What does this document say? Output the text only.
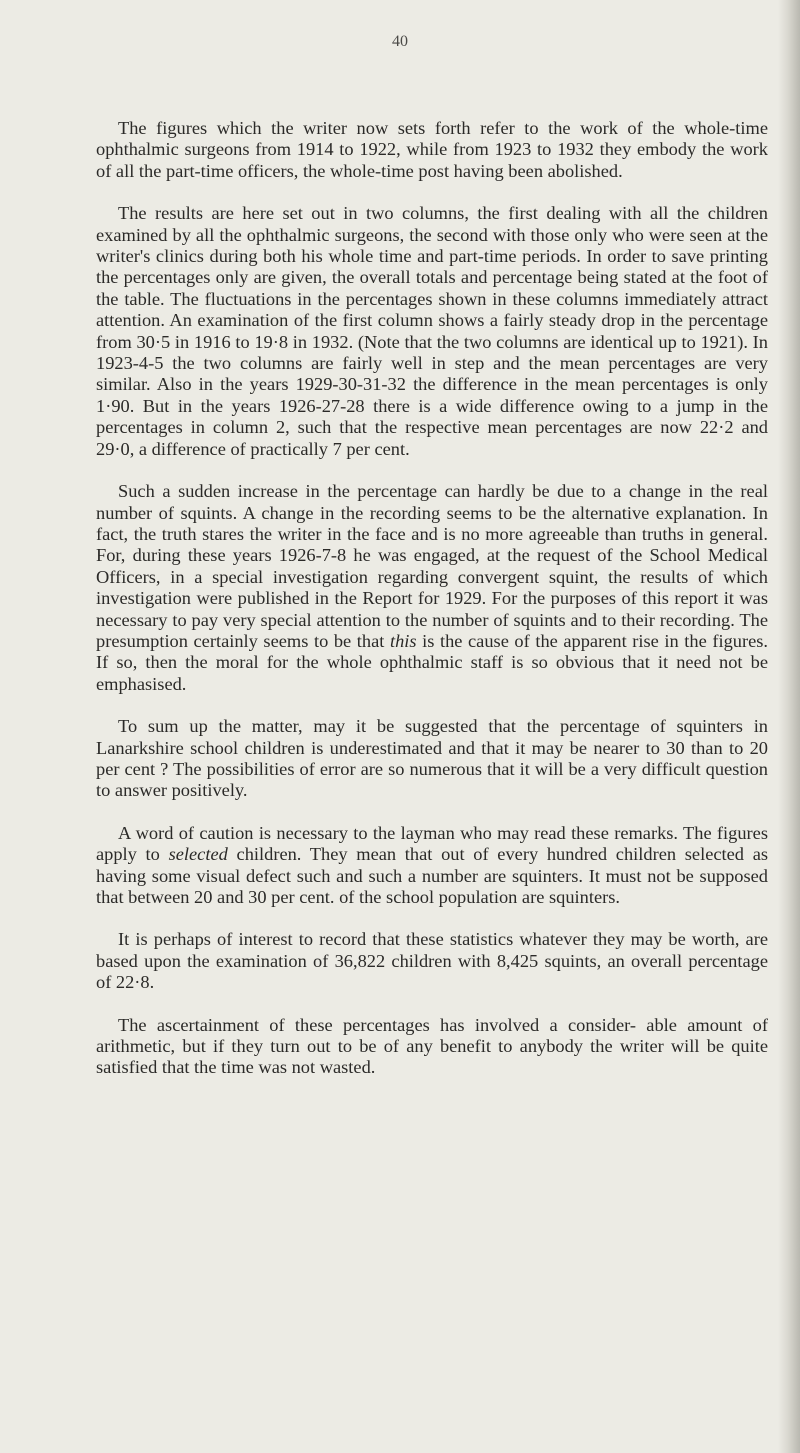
40

The figures which the writer now sets forth refer to the work of the whole-time ophthalmic surgeons from 1914 to 1922, while from 1923 to 1932 they embody the work of all the part-time officers, the whole-time post having been abolished.

The results are here set out in two columns, the first dealing with all the children examined by all the ophthalmic surgeons, the second with those only who were seen at the writer's clinics during both his whole time and part-time periods. In order to save printing the percentages only are given, the overall totals and percentage being stated at the foot of the table. The fluctuations in the percentages shown in these columns immediately attract attention. An examination of the first column shows a fairly steady drop in the percentage from 30·5 in 1916 to 19·8 in 1932. (Note that the two columns are identical up to 1921). In 1923-4-5 the two columns are fairly well in step and the mean percentages are very similar. Also in the years 1929-30-31-32 the difference in the mean percentages is only 1·90. But in the years 1926-27-28 there is a wide difference owing to a jump in the percentages in column 2, such that the respective mean percentages are now 22·2 and 29·0, a difference of practically 7 per cent.

Such a sudden increase in the percentage can hardly be due to a change in the real number of squints. A change in the recording seems to be the alternative explanation. In fact, the truth stares the writer in the face and is no more agreeable than truths in general. For, during these years 1926-7-8 he was engaged, at the request of the School Medical Officers, in a special investigation regarding convergent squint, the results of which investigation were published in the Report for 1929. For the purposes of this report it was necessary to pay very special attention to the number of squints and to their recording. The presumption certainly seems to be that this is the cause of the apparent rise in the figures. If so, then the moral for the whole ophthalmic staff is so obvious that it need not be emphasised.

To sum up the matter, may it be suggested that the percentage of squinters in Lanarkshire school children is underestimated and that it may be nearer to 30 than to 20 per cent ? The possibilities of error are so numerous that it will be a very difficult question to answer positively.

A word of caution is necessary to the layman who may read these remarks. The figures apply to selected children. They mean that out of every hundred children selected as having some visual defect such and such a number are squinters. It must not be supposed that between 20 and 30 per cent. of the school population are squinters.

It is perhaps of interest to record that these statistics whatever they may be worth, are based upon the examination of 36,822 children with 8,425 squints, an overall percentage of 22·8.

The ascertainment of these percentages has involved a consider- able amount of arithmetic, but if they turn out to be of any benefit to anybody the writer will be quite satisfied that the time was not wasted.
